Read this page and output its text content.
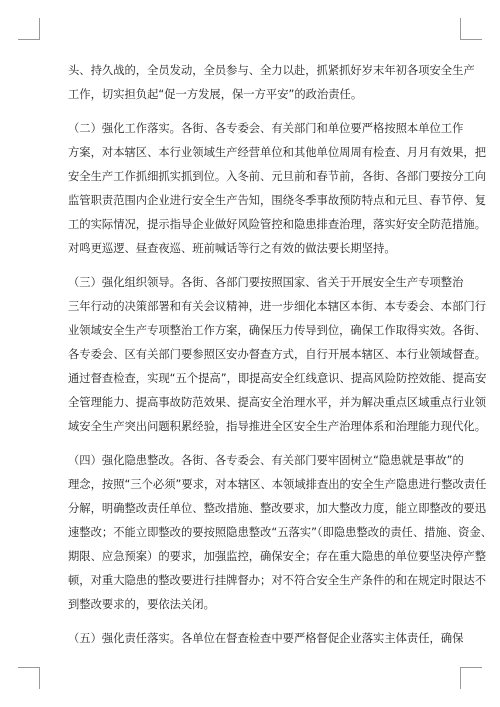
头、持久战的，全员发动，全员参与、全力以赴，抓紧抓好岁末年初各项安全生产
工作，切实担负起“促一方发展，保一方平安”的政治责任。
（二）强化工作落实。各街、各专委会、有关部门和单位要严格按照本单位工作
方案，对本辖区、本行业领域生产经营单位和其他单位周周有检查、月月有效果，把
安全生产工作抓细抓实抓到位。入冬前、元旦前和春节前，各街、各部门要按分工向
监管职责范围内企业进行安全生产告知，围绕冬季事故预防特点和元旦、春节停、复
工的实际情况，提示指导企业做好风险管控和隐患排查治理，落实好安全防范措施。
对鸣更巡逻、昼查夜巡、班前喊话等行之有效的做法要长期坚持。
（三）强化组织领导。各街、各部门要按照国家、省关于开展安全生产专项整治
三年行动的决策部署和有关会议精神，进一步细化本辖区本街、本专委会、本部门行
业领域安全生产专项整治工作方案，确保压力传导到位，确保工作取得实效。各街、
各专委会、区有关部门要参照区安办督查方式，自行开展本辖区、本行业领域督查。
通过督查检查，实现“五个提高”，即提高安全红线意识、提高风险防控效能、提高安
全管理能力、提高事故防范效果、提高安全治理水平，并为解决重点区域重点行业领
域安全生产突出问题积累经验，指导推进全区安全生产治理体系和治理能力现代化。
（四）强化隐患整改。各街、各专委会、有关部门要牢固树立“隐患就是事故”的
理念，按照“三个必须”要求，对本辖区、本领域排查出的安全生产隐患进行整改责任
分解，明确整改责任单位、整改措施、整改要求，加大整改力度，能立即整改的要迅
速整改；不能立即整改的要按照隐患整改“五落实”（即隐患整改的责任、措施、资金、
期限、应急预案）的要求，加强监控，确保安全；存在重大隐患的单位要坚决停产整
顿，对重大隐患的整改要进行挂牌督办；对不符合安全生产条件的和在规定时限达不
到整改要求的，要依法关闭。
（五）强化责任落实。各单位在督查检查中要严格督促企业落实主体责任，确保
